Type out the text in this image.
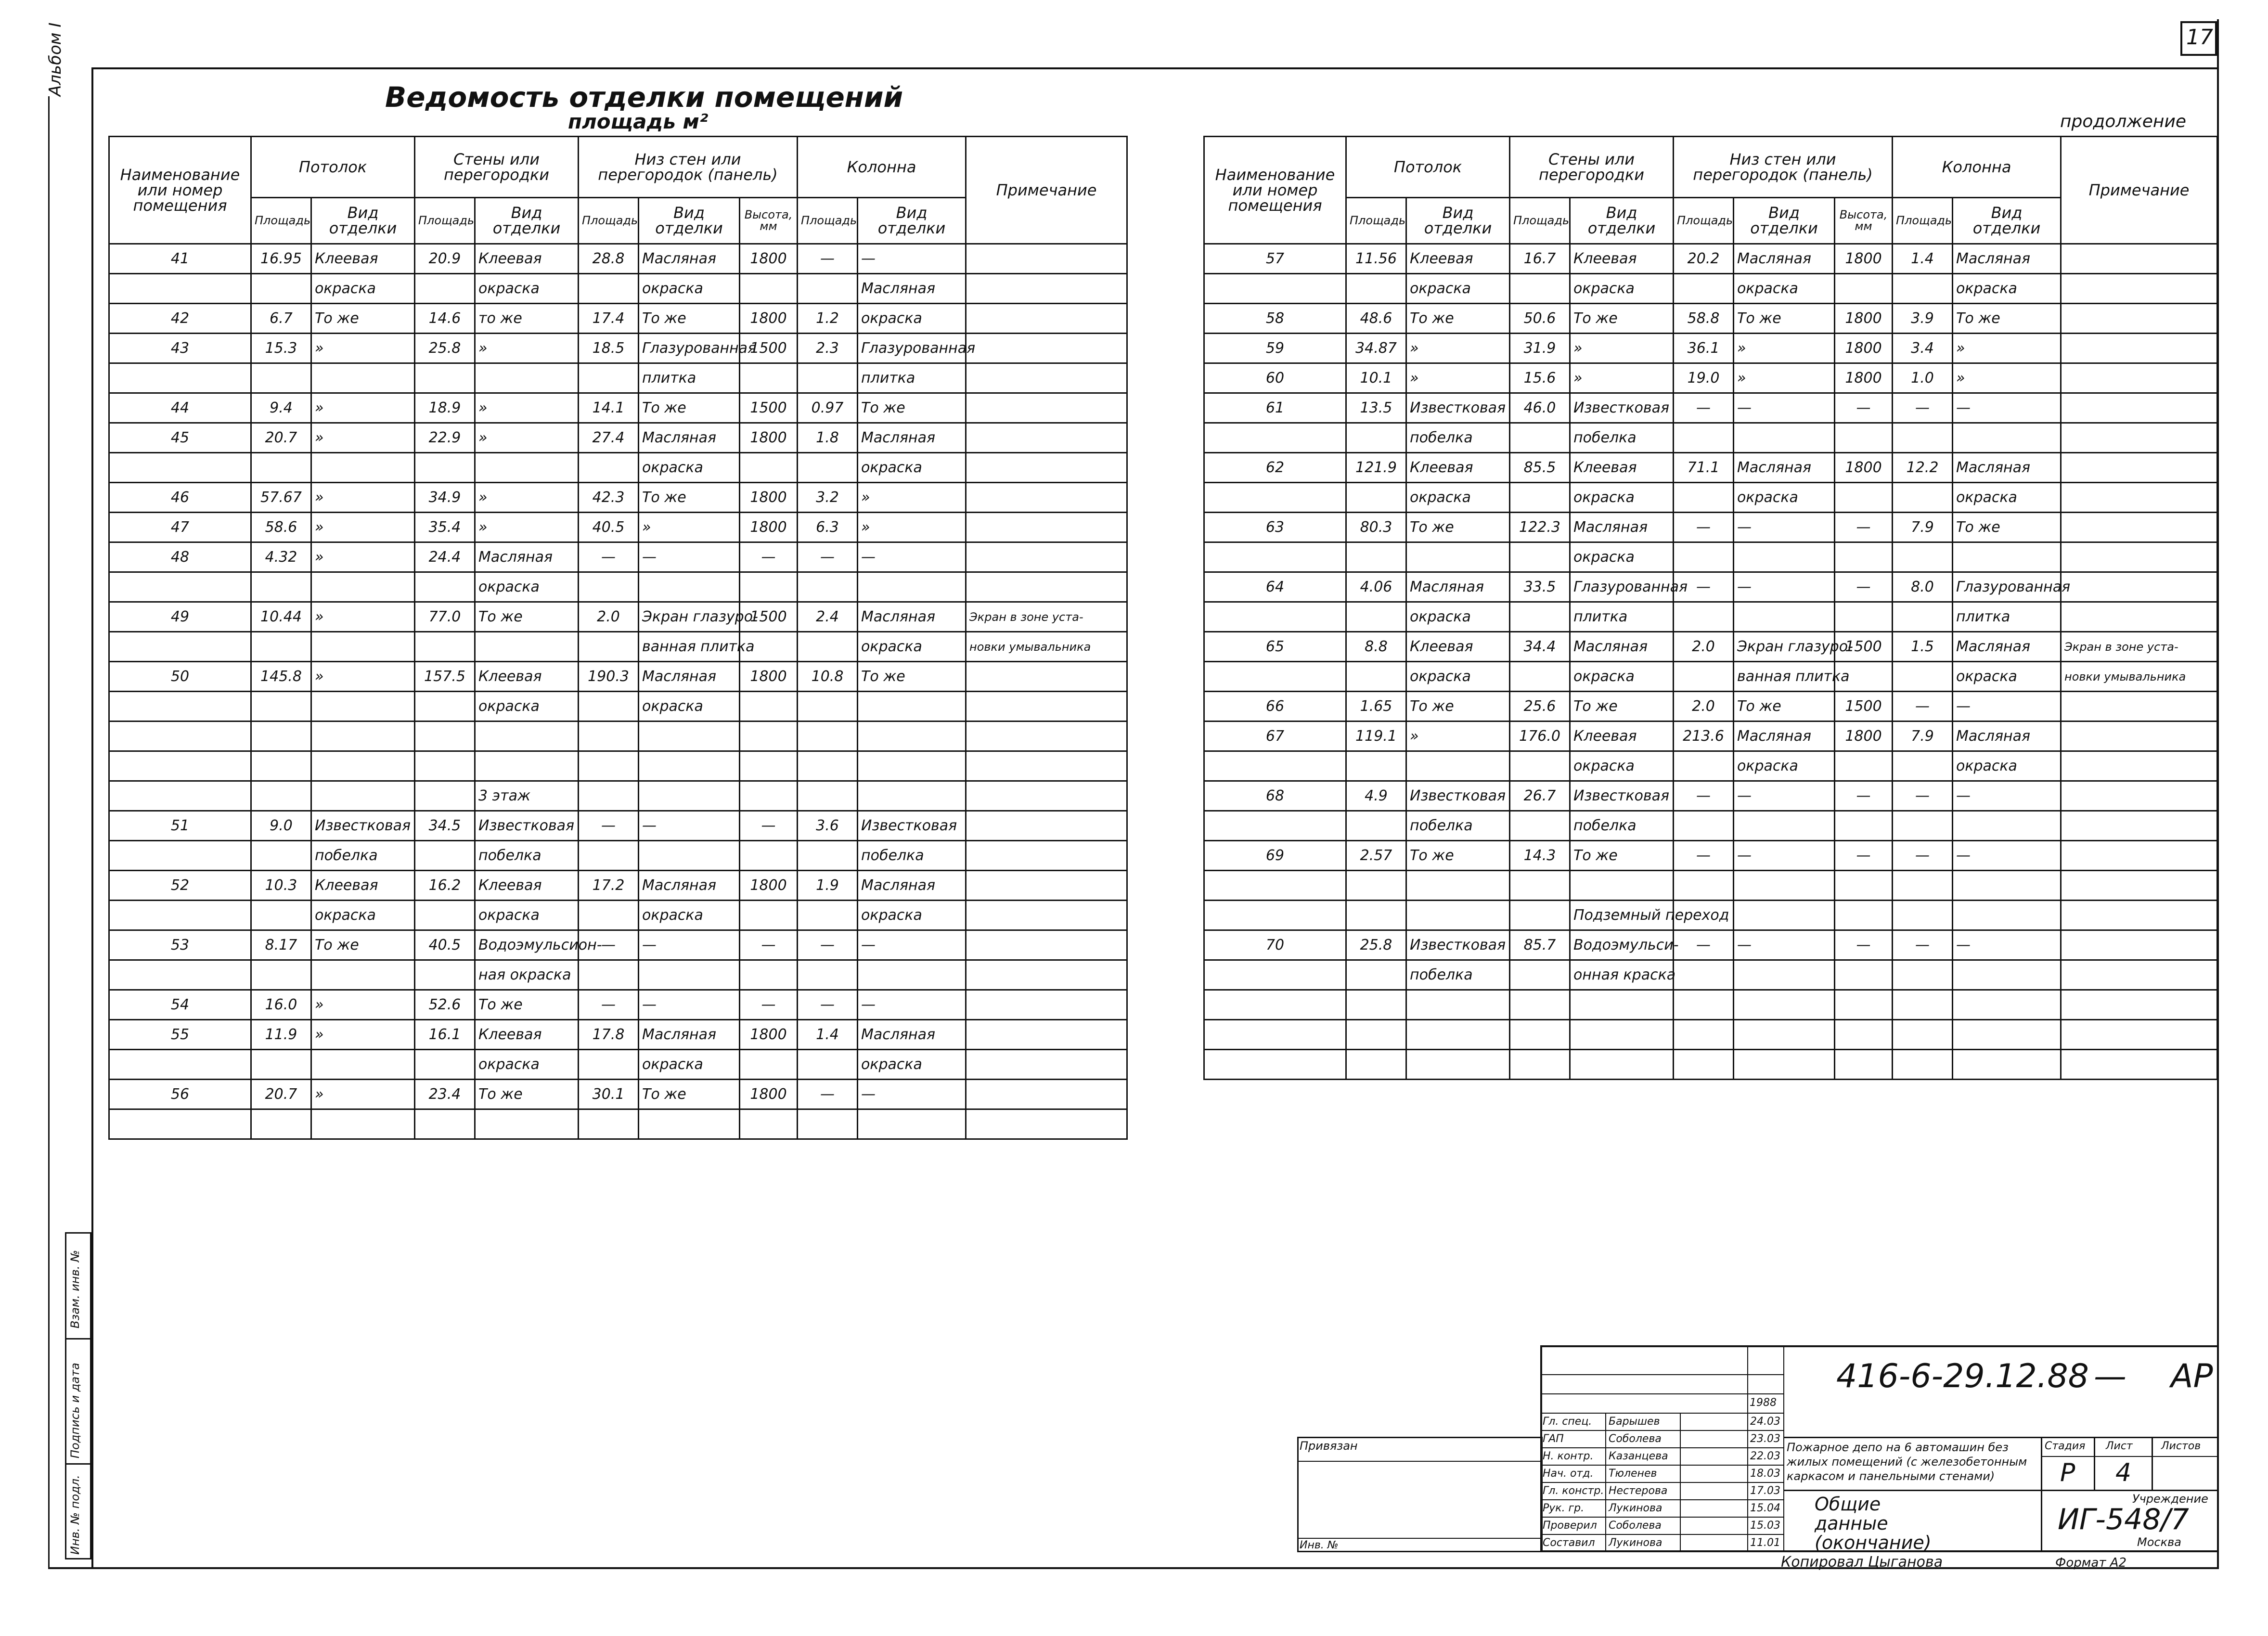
17
Альбом I
Ведомость отделки помещений
площадь м²	продолжение
Наименование или номер помещения	Потолок		Стены или перегородки		Низ стен или перегородок (панель)			Колонна		Примечание
	Площадь	Вид отделки	Площадь	Вид отделки	Площадь	Вид отделки	Высота, мм	Площадь	Вид отделки	
41	16.95	Клеевая	20.9	Клеевая	28.8	Масляная	1800	—	—	
		окраска		окраска		окраска			Масляная	
42	6.7	То же	14.6	то же	17.4	То же	1800	1.2	окраска	
43	15.3	»	25.8	»	18.5	Глазурованная	1500	2.3	Глазурованная	
						плитка			плитка	
44	9.4	»	18.9	»	14.1	То же	1500	0.97	То же	
45	20.7	»	22.9	»	27.4	Масляная	1800	1.8	Масляная	
						окраска			окраска	
46	57.67	»	34.9	»	42.3	То же	1800	3.2	»	
47	58.6	»	35.4	»	40.5	»	1800	6.3	»	
48	4.32	»	24.4	Масляная	—	—	—	—	—	
				окраска						
49	10.44	»	77.0	То же	2.0	Экран глазуро-	1500	2.4	Масляная	Экран в зоне уста-
						ванная плитка			окраска	новки умывальника
50	145.8	»	157.5	Клеевая	190.3	Масляная	1800	10.8	То же	
				окраска		окраска				

				3 этаж						
51	9.0	Известковая	34.5	Известковая	—	—	—	3.6	Известковая	
		побелка		побелка					побелка	
52	10.3	Клеевая	16.2	Клеевая	17.2	Масляная	1800	1.9	Масляная	
		окраска		окраска		окраска			окраска	
53	8.17	То же	40.5	Водоэмульсион-	—	—	—	—	—	
				ная окраска						
54	16.0	»	52.6	То же	—	—	—	—	—	
55	11.9	»	16.1	Клеевая	17.8	Масляная	1800	1.4	Масляная	
				окраска		окраска			окраска	
56	20.7	»	23.4	То же	30.1	То же	1800	—	—	

Наименование или номер помещения	Потолок		Стены или перегородки		Низ стен или перегородок (панель)			Колонна		Примечание
	Площадь	Вид отделки	Площадь	Вид отделки	Площадь	Вид отделки	Высота, мм	Площадь	Вид отделки	
57	11.56	Клеевая	16.7	Клеевая	20.2	Масляная	1800	1.4	Масляная	
		окраска		окраска		окраска			окраска	
58	48.6	То же	50.6	То же	58.8	То же	1800	3.9	То же	
59	34.87	»	31.9	»	36.1	»	1800	3.4	»	
60	10.1	»	15.6	»	19.0	»	1800	1.0	»	
61	13.5	Известковая	46.0	Известковая	—	—	—	—	—	
		побелка		побелка						
62	121.9	Клеевая	85.5	Клеевая	71.1	Масляная	1800	12.2	Масляная	
		окраска		окраска		окраска			окраска	
63	80.3	То же	122.3	Масляная	—	—	—	7.9	То же	
				окраска						
64	4.06	Масляная	33.5	Глазурованная	—	—	—	8.0	Глазурованная	
		окраска		плитка					плитка	
65	8.8	Клеевая	34.4	Масляная	2.0	Экран глазуро-	1500	1.5	Масляная	Экран в зоне уста-
		окраска		окраска		ванная плитка			окраска	новки умывальника
66	1.65	То же	25.6	То же	2.0	То же	1500	—	—	
67	119.1	»	176.0	Клеевая	213.6	Масляная	1800	7.9	Масляная	
				окраска		окраска			окраска	
68	4.9	Известковая	26.7	Известковая	—	—	—	—	—	
		побелка		побелка						
69	2.57	То же	14.3	То же	—	—	—	—	—	

				Подземный переход						
70	25.8	Известковая	85.7	Водоэмульси-	—	—	—	—	—	
		побелка		онная краска						

Инв. № подл.
Подпись и дата
Взам. инв. №
Привязан
Инв. №
1988
Гл. спец. Барышев	24.03
ГАП	Соболева	23.03
Н. контр. Казанцева	22.03
Нач. отд. Тюленев	18.03
Гл. констр. Нестерова	17.03
Рук. гр. Лукинова	15.04
Проверил Соболева	15.03
Составил Лукинова	11.01
416-6-29.12.88 — АР
Пожарное депо на 6 автомашин без жилых помещений (с железобетонным каркасом и панельными стенами)
Общие данные (окончание)
Стадия Лист	Листов
Р 4
Учреждение
ИГ-548/7
Москва
Копировал Цыганова	Формат А2
